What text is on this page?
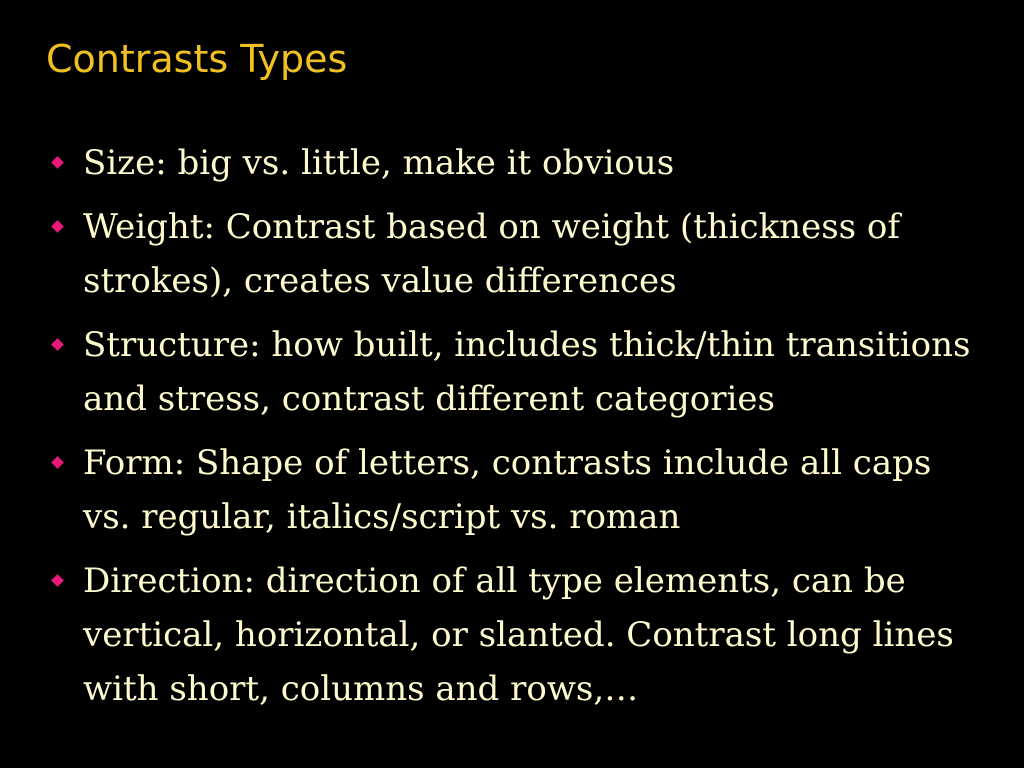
Contrasts Types
Size: big vs. little, make it obvious
Weight: Contrast based on weight (thickness of strokes), creates value differences
Structure: how built, includes thick/thin transitions and stress, contrast different categories
Form: Shape of letters, contrasts include all caps vs. regular, italics/script vs. roman
Direction: direction of all type elements, can be vertical, horizontal, or slanted. Contrast long lines with short, columns and rows,…
